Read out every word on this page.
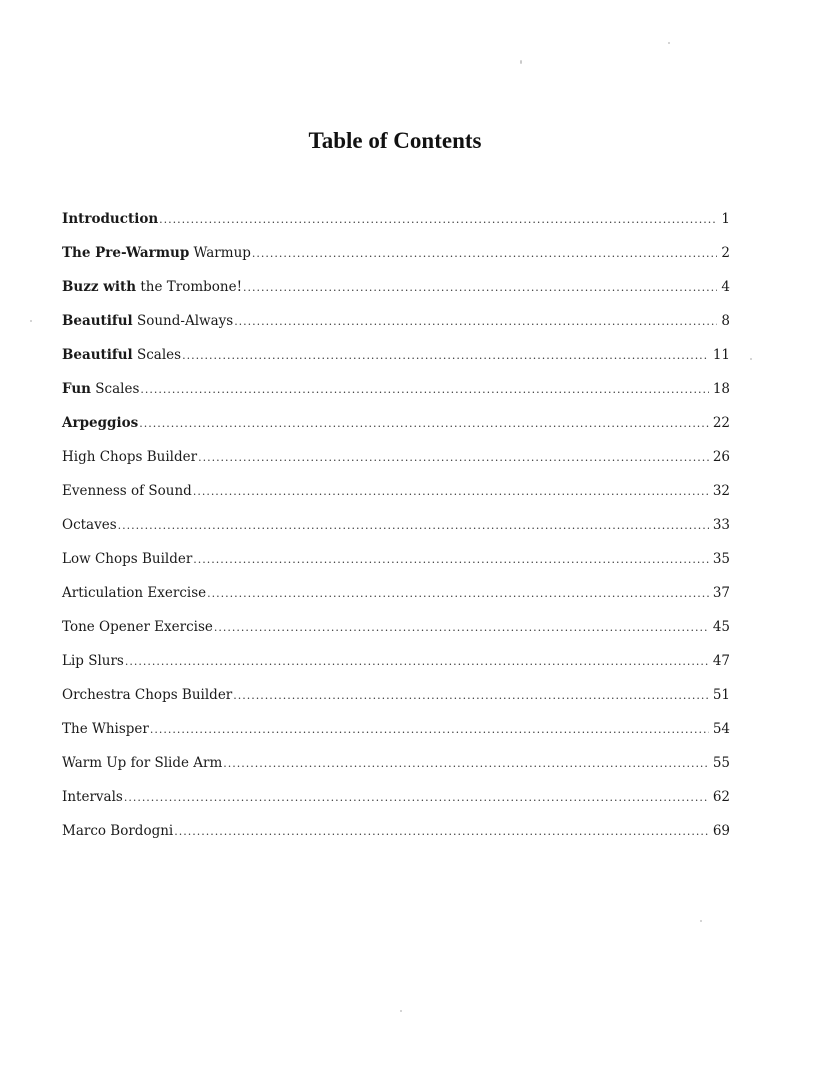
Table of Contents
Introduction .....	1
The Pre-Warmup Warmup .....	2
Buzz with the Trombone! .....	4
Beautiful Sound-Always .....	8
Beautiful Scales .....	11
Fun Scales .....	18
Arpeggios .....	22
High Chops Builder .....	26
Evenness of Sound .....	32
Octaves .....	33
Low Chops Builder .....	35
Articulation Exercise .....	37
Tone Opener Exercise .....	45
Lip Slurs .....	47
Orchestra Chops Builder .....	51
The Whisper .....	54
Warm Up for Slide Arm .....	55
Intervals .....	62
Marco Bordogni .....	69
